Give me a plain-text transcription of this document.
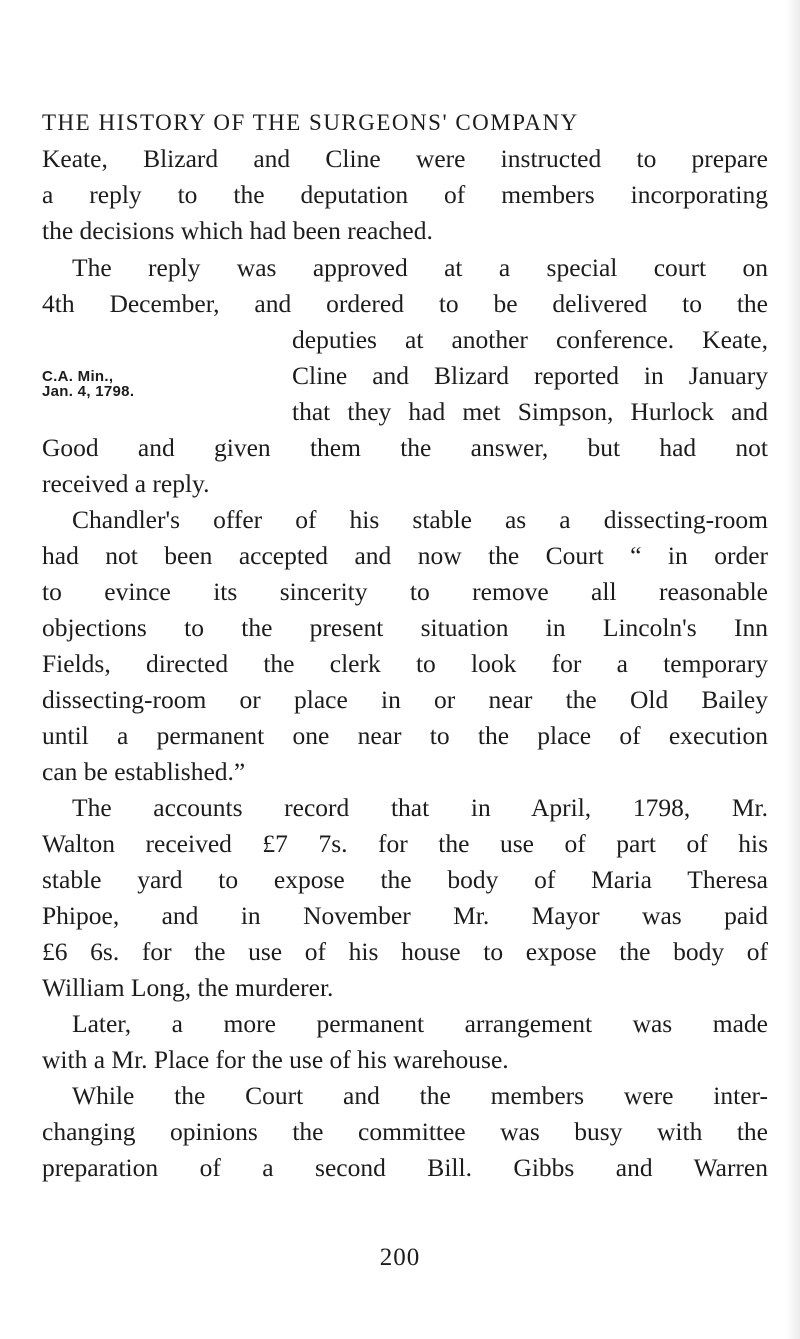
THE HISTORY OF THE SURGEONS' COMPANY
C.A. Min.,
Jan. 4, 1798.
Keate, Blizard and Cline were instructed to prepare
a reply to the deputation of members incorporating
the decisions which had been reached.
The reply was approved at a special court on
4th December, and ordered to be delivered to the
deputies at another conference. Keate,
Cline and Blizard reported in January
that they had met Simpson, Hurlock and
Good and given them the answer, but had not
received a reply.
Chandler's offer of his stable as a dissecting-room
had not been accepted and now the Court “ in order
to evince its sincerity to remove all reasonable
objections to the present situation in Lincoln's Inn
Fields, directed the clerk to look for a temporary
dissecting-room or place in or near the Old Bailey
until a permanent one near to the place of execution
can be established.”
The accounts record that in April, 1798, Mr.
Walton received £7 7s. for the use of part of his
stable yard to expose the body of Maria Theresa
Phipoe, and in November Mr. Mayor was paid
£6 6s. for the use of his house to expose the body of
William Long, the murderer.
Later, a more permanent arrangement was made
with a Mr. Place for the use of his warehouse.
While the Court and the members were inter-
changing opinions the committee was busy with the
preparation of a second Bill. Gibbs and Warren
200
